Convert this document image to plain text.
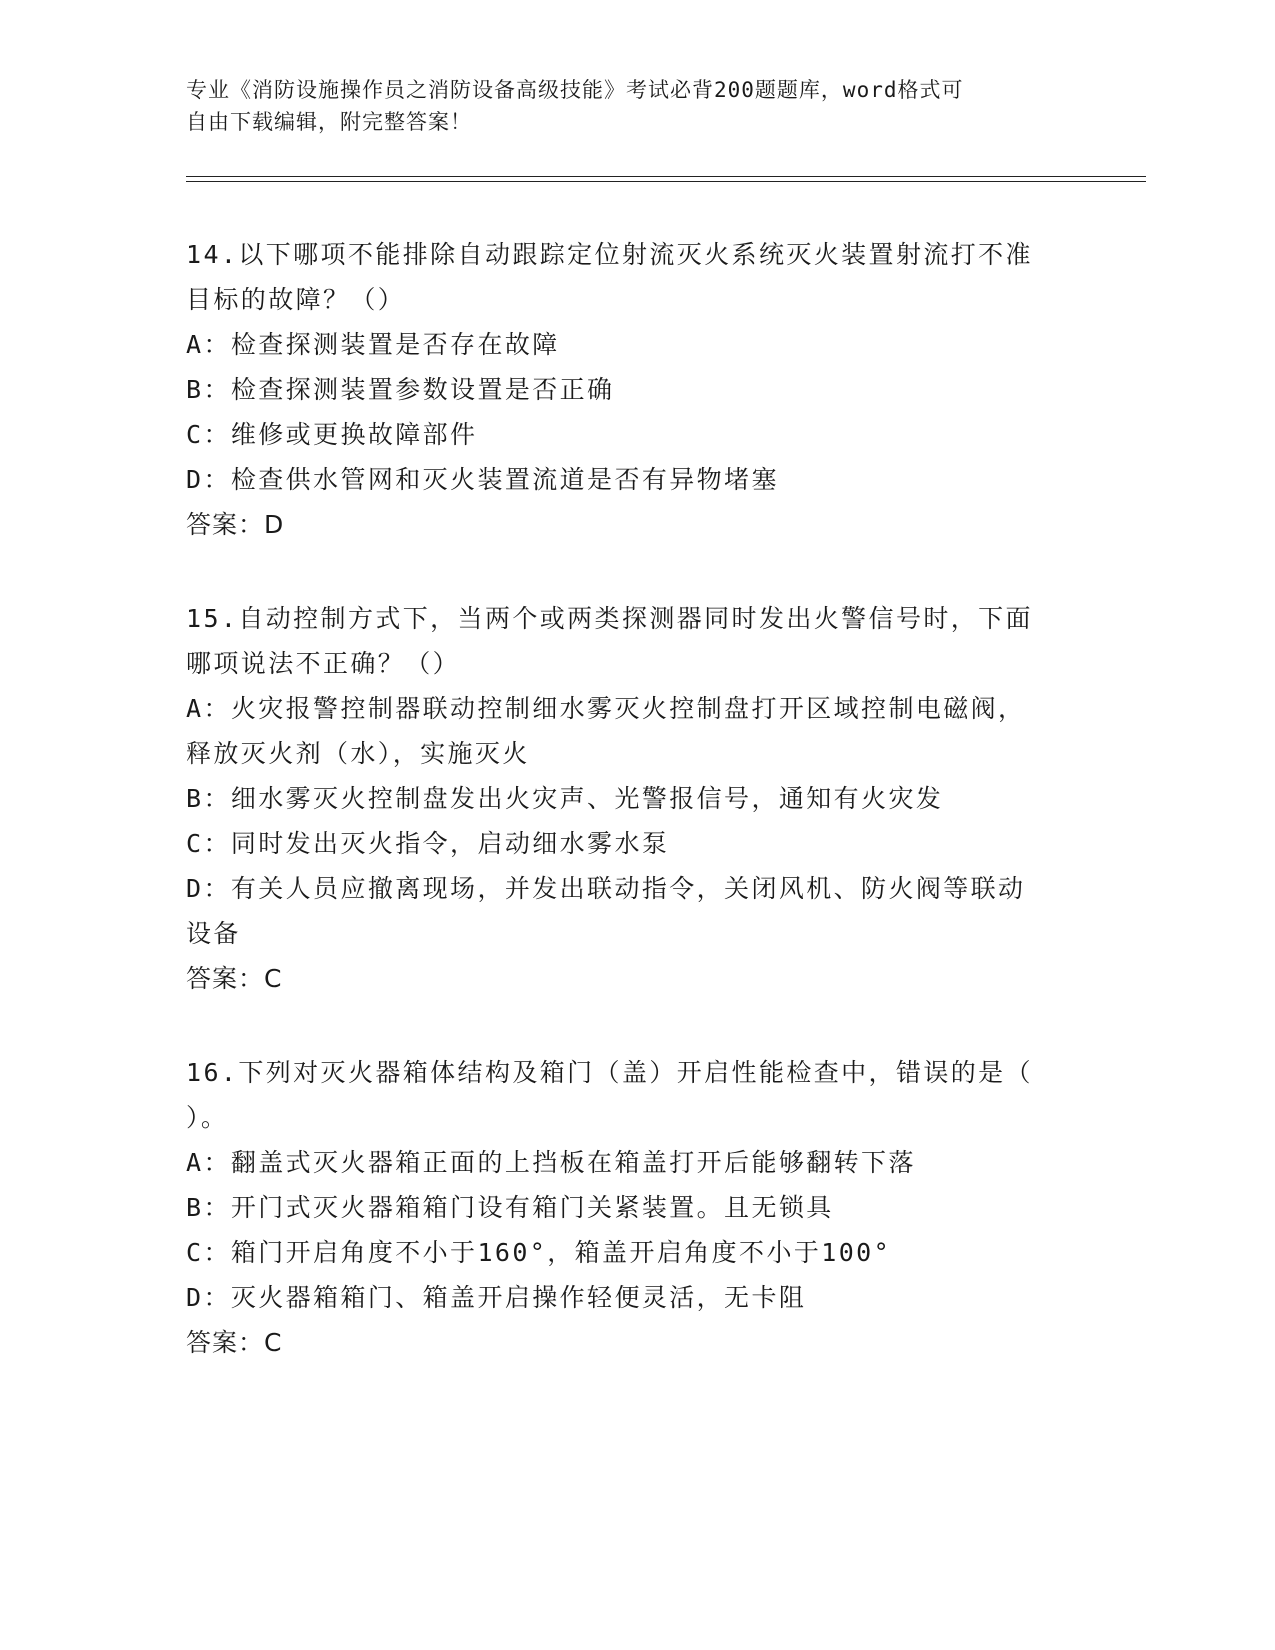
专业《消防设施操作员之消防设备高级技能》考试必背200题题库，word格式可
自由下载编辑，附完整答案！
14.以下哪项不能排除自动跟踪定位射流灭火系统灭火装置射流打不准
目标的故障？（）
A：检查探测装置是否存在故障
B：检查探测装置参数设置是否正确
C：维修或更换故障部件
D：检查供水管网和灭火装置流道是否有异物堵塞
答案：D
15.自动控制方式下，当两个或两类探测器同时发出火警信号时，下面
哪项说法不正确？（）
A：火灾报警控制器联动控制细水雾灭火控制盘打开区域控制电磁阀，
释放灭火剂（水），实施灭火
B：细水雾灭火控制盘发出火灾声、光警报信号，通知有火灾发
C：同时发出灭火指令，启动细水雾水泵
D：有关人员应撤离现场，并发出联动指令，关闭风机、防火阀等联动
设备
答案：C
16.下列对灭火器箱体结构及箱门（盖）开启性能检查中，错误的是（
）。
A：翻盖式灭火器箱正面的上挡板在箱盖打开后能够翻转下落
B：开门式灭火器箱箱门设有箱门关紧装置。且无锁具
C：箱门开启角度不小于160°，箱盖开启角度不小于100°
D：灭火器箱箱门、箱盖开启操作轻便灵活，无卡阻
答案：C
